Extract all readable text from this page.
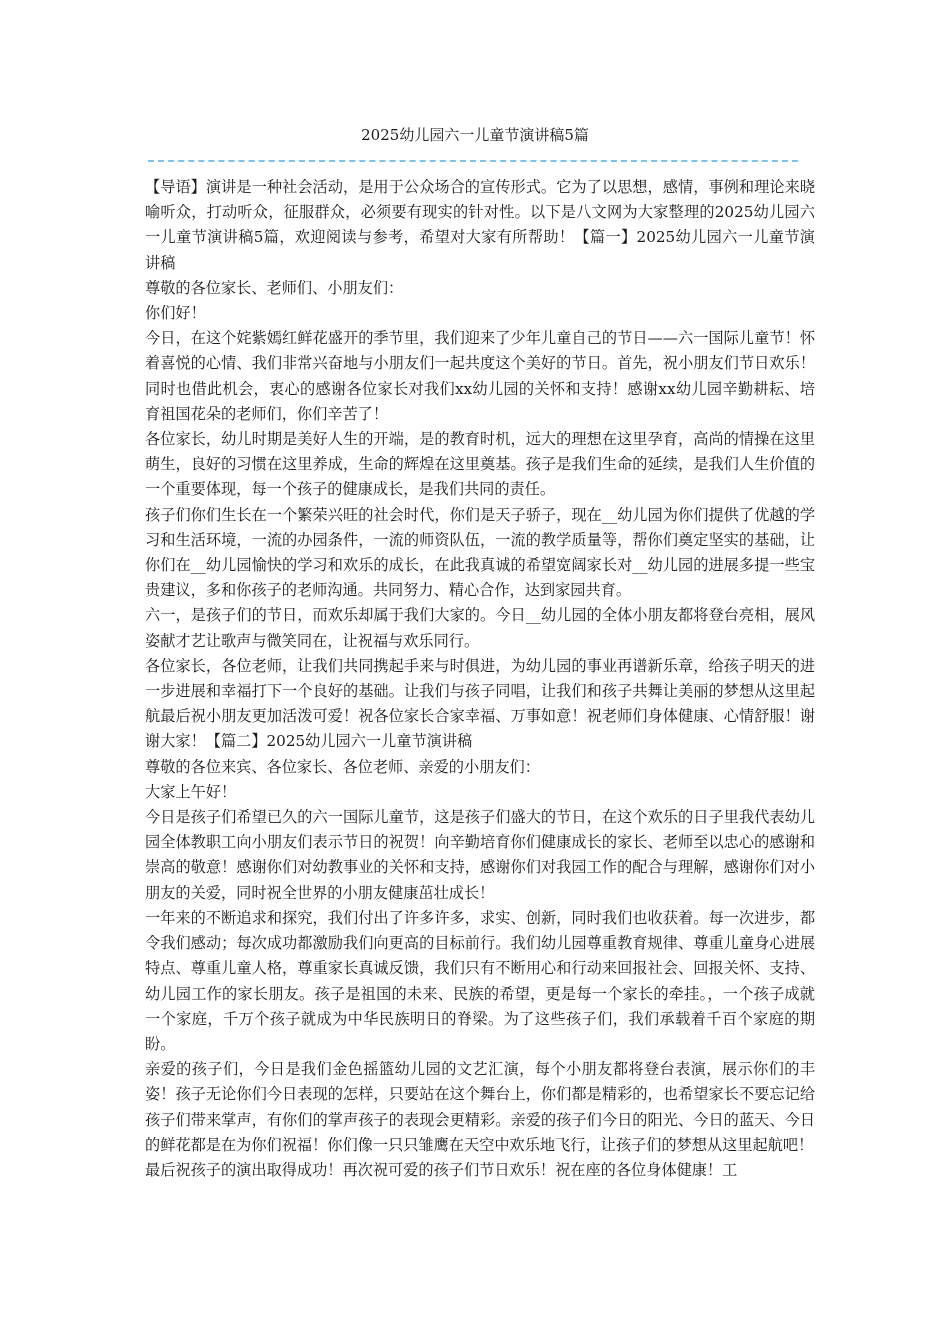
2025幼儿园六一儿童节演讲稿5篇

【导语】演讲是一种社会活动，是用于公众场合的宣传形式。它为了以思想，感情，事例和理论来晓喻听众，打动听众，征服群众，必须要有现实的针对性。以下是八文网为大家整理的2025幼儿园六一儿童节演讲稿5篇，欢迎阅读与参考，希望对大家有所帮助！【篇一】2025幼儿园六一儿童节演讲稿

尊敬的各位家长、老师们、小朋友们：

你们好！

今日，在这个姹紫嫣红鲜花盛开的季节里，我们迎来了少年儿童自己的节日——六一国际儿童节！怀着喜悦的心情、我们非常兴奋地与小朋友们一起共度这个美好的节日。首先，祝小朋友们节日欢乐！同时也借此机会，衷心的感谢各位家长对我们xx幼儿园的关怀和支持！感谢xx幼儿园辛勤耕耘、培育祖国花朵的老师们，你们辛苦了！

各位家长，幼儿时期是美好人生的开端，是的教育时机，远大的理想在这里孕育，高尚的情操在这里萌生，良好的习惯在这里养成，生命的辉煌在这里奠基。孩子是我们生命的延续，是我们人生价值的一个重要体现，每一个孩子的健康成长，是我们共同的责任。

孩子们你们生长在一个繁荣兴旺的社会时代，你们是天子骄子，现在__幼儿园为你们提供了优越的学习和生活环境，一流的办园条件，一流的师资队伍，一流的教学质量等，帮你们奠定坚实的基础，让你们在__幼儿园愉快的学习和欢乐的成长，在此我真诚的希望宽阔家长对__幼儿园的进展多提一些宝贵建议，多和你孩子的老师沟通。共同努力、精心合作，达到家园共育。

六一，是孩子们的节日，而欢乐却属于我们大家的。今日__幼儿园的全体小朋友都将登台亮相，展风姿献才艺让歌声与微笑同在，让祝福与欢乐同行。

各位家长，各位老师，让我们共同携起手来与时俱进，为幼儿园的事业再谱新乐章，给孩子明天的进一步进展和幸福打下一个良好的基础。让我们与孩子同唱，让我们和孩子共舞让美丽的梦想从这里起航最后祝小朋友更加活泼可爱！祝各位家长合家幸福、万事如意！祝老师们身体健康、心情舒服！谢谢大家！【篇二】2025幼儿园六一儿童节演讲稿

尊敬的各位来宾、各位家长、各位老师、亲爱的小朋友们：

大家上午好！

今日是孩子们希望已久的六一国际儿童节，这是孩子们盛大的节日，在这个欢乐的日子里我代表幼儿园全体教职工向小朋友们表示节日的祝贺！向辛勤培育你们健康成长的家长、老师至以忠心的感谢和崇高的敬意！感谢你们对幼教事业的关怀和支持，感谢你们对我园工作的配合与理解，感谢你们对小朋友的关爱，同时祝全世界的小朋友健康茁壮成长！

一年来的不断追求和探究，我们付出了许多许多，求实、创新，同时我们也收获着。每一次进步，都令我们感动；每次成功都激励我们向更高的目标前行。我们幼儿园尊重教育规律、尊重儿童身心进展特点、尊重儿童人格，尊重家长真诚反馈，我们只有不断用心和行动来回报社会、回报关怀、支持、幼儿园工作的家长朋友。孩子是祖国的未来、民族的希望，更是每一个家长的牵挂。，一个孩子成就一个家庭，千万个孩子就成为中华民族明日的脊梁。为了这些孩子们，我们承载着千百个家庭的期盼。

亲爱的孩子们，今日是我们金色摇篮幼儿园的文艺汇演，每个小朋友都将登台表演，展示你们的丰姿！孩子无论你们今日表现的怎样，只要站在这个舞台上，你们都是精彩的，也希望家长不要忘记给孩子们带来掌声，有你们的掌声孩子的表现会更精彩。亲爱的孩子们今日的阳光、今日的蓝天、今日的鲜花都是在为你们祝福！你们像一只只雏鹰在天空中欢乐地飞行，让孩子们的梦想从这里起航吧！

最后祝孩子的演出取得成功！再次祝可爱的孩子们节日欢乐！祝在座的各位身体健康！工
